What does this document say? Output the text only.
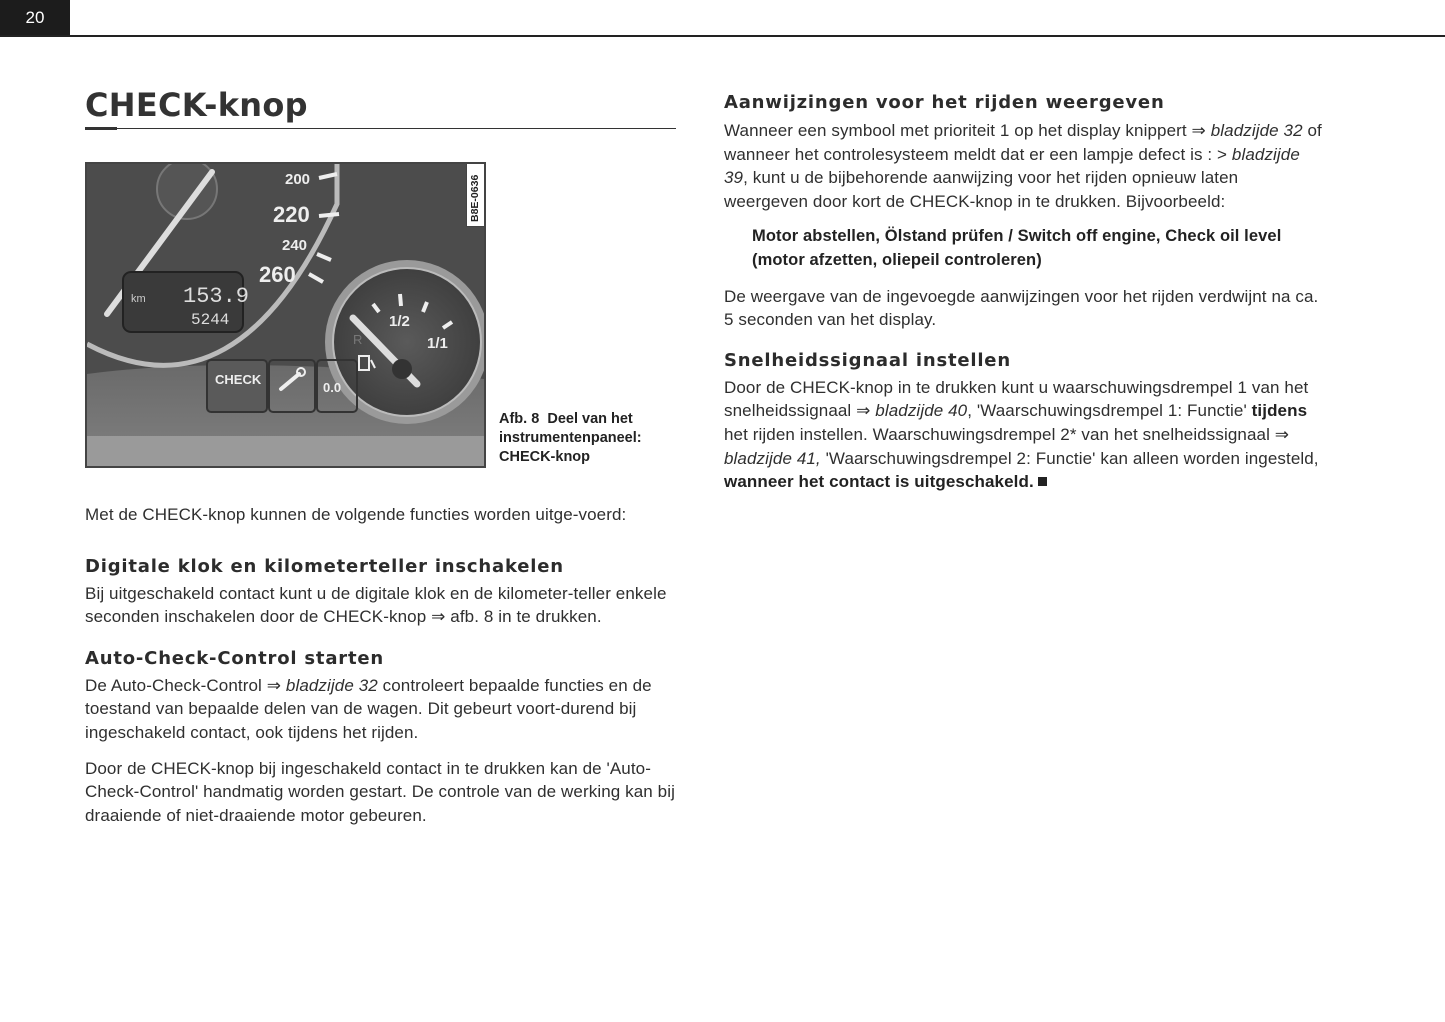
20
CHECK-knop
200
220
240
260
km 153.9
5244	1/2
1/1
R
CHECK
0.0
B8E-0636
Afb. 8 Deel van het instrumentenpaneel: CHECK-knop

Met de CHECK-knop kunnen de volgende functies worden uitge-voerd:

Digitale klok en kilometerteller inschakelen

Bij uitgeschakeld contact kunt u de digitale klok en de kilometer-teller enkele seconden inschakelen door de CHECK-knop ⇒ afb. 8 in te drukken.

Auto-Check-Control starten

De Auto-Check-Control ⇒ bladzijde 32 controleert bepaalde functies en de toestand van bepaalde delen van de wagen. Dit gebeurt voort-durend bij ingeschakeld contact, ook tijdens het rijden.

Door de CHECK-knop bij ingeschakeld contact in te drukken kan de 'Auto-Check-Control' handmatig worden gestart. De controle van de werking kan bij draaiende of niet-draaiende motor gebeuren.

Aanwijzingen voor het rijden weergeven

Wanneer een symbool met prioriteit 1 op het display knippert ⇒ bladzijde 32 of wanneer het controlesysteem meldt dat er een lampje defect is : > bladzijde 39, kunt u de bijbehorende aanwijzing voor het rijden opnieuw laten weergeven door kort de CHECK-knop in te drukken. Bijvoorbeeld:

Motor abstellen, Ölstand prüfen / Switch off engine, Check oil level (motor afzetten, oliepeil controleren)

De weergave van de ingevoegde aanwijzingen voor het rijden verdwijnt na ca. 5 seconden van het display.

Snelheidssignaal instellen

Door de CHECK-knop in te drukken kunt u waarschuwingsdrempel 1 van het snelheidssignaal ⇒ bladzijde 40, 'Waarschuwingsdrempel 1: Functie' tijdens het rijden instellen. Waarschuwingsdrempel 2* van het snelheidssignaal ⇒ bladzijde 41, 'Waarschuwingsdrempel 2: Functie' kan alleen worden ingesteld, wanneer het contact is uitgeschakeld.
